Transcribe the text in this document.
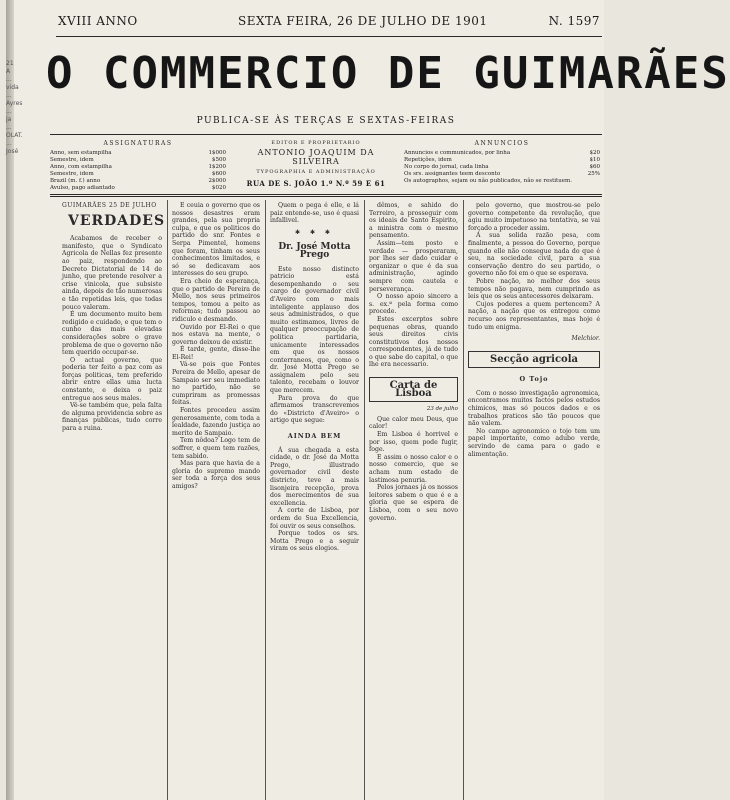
21 A ... vida ... Ayres ... ja ... OLAT. ... José
XVIII ANNO	SEXTA FEIRA, 26 DE JULHO DE 1901	N. 1597
O COMMERCIO DE GUIMARÃES
PUBLICA-SE ÀS TERÇAS E SEXTAS-FEIRAS
ASSIGNATURAS
Anno, sem estampilha	1$000
Semestre, idem	$500
Anno, com estampilha	1$200
Semestre, idem	$600
Brazil (m. f.) anno	2$000
Avulso, pago adiantado	$020
EDITOR E PROPRIETARIO
ANTONIO JOAQUIM DA SILVEIRA
TYPOGRAPHIA E ADMINISTRAÇÃO
RUA DE S. JOÃO 1.º N.º 59 E 61
ANNUNCIOS
Annuncios e communicados, por linha	$20
Repetições, idem	$10
No corpo do jornal, cada linha	$60
Os srs. assignantes teem desconto	25%
Os autographos, sejam ou não publicados, não se restituem.
GUIMARÃES 25 DE JULHO
VERDADES

Acabamos de receber o manifesto, que o Syndicato Agricola de Nellas fez presente ao paiz, respondendo ao Decreto Dictatorial de 14 de junho, que pretende resolver a crise vinicola, que subsiste ainda, depois de tão numerosas e tão repetidas leis, que todas pouco valeram.

É um documento muito bem redigido e cuidado, e que tem o cunho das mais elevadas considerações sobre o grave problema de que o governo não tem querido occupar-se.

O actual governo, que poderia ter feito a paz com as forças politicas, tem preferido abrir entre ellas uma lucta constante, e deixa o paiz entregue aos seus males.

Vê-se também que, pela falta de alguma providencia sobre as finanças publicas, tudo corre para a ruina.

E ceuia o governo que os nossos desastres eram grandes, pela sua propria culpa, e que os politicos do partido do snr. Fontes e Serpa Pimentel, homens que foram, tinham os seus conhecimentos limitados, e só se dedicavam aos interesses do seu grupo.

Era cheio de esperança, que o partido de Pereira de Mello, nos seus primeiros tempos, tomou a peito as reformas; tudo passou ao ridiculo e desmando.

Ouvido por El-Rei o que nos estava na mente, o governo deixou de existir.

É tarde, gente, disse-lhe El-Rei!

Vá-se pois que Fontes Pereira de Mello, apesar de Sampaio ser seu immediato no partido, não se cumpriram as promessas feitas.

Fontes procedeu assim generosamente, com toda a lealdade, fazendo justiça ao merito de Sampaio.

Tem nôdoa? Logo tem de soffrer, e quem tem razões, tem sabido.

Mas para que havia de a gloria do supremo mando ser toda a força dos seus amigos?

Quem o pega é elle, e lá paiz entende-se, uso é quasi infallivel.

✱ ✱ ✱
Dr. José Motta Prego

Este nosso distincto patricio está desempenhando o seu cargo de governador civil d'Aveiro com o mais inteligente applauso dos seus administrados, o que muito estimamos, livres de qualquer preoccupação de politica partidaria, unicamente interessados em que os nossos conterraneos, que, como o dr. José Motta Prego se assignalem pelo seu talento, recebam o louvor que merecem.

Para prova do que afirmamos transcrevemos do «Districto d'Aveiro» o artigo que segue:

AINDA BEM

Á sua chegada a esta cidade, o dr. José da Motta Prego, illustrado governador civil deste districto, teve a mais lisonjeira recepção, prova dos merecimentos de sua excellencia.

A corte de Lisboa, por ordem de Sua Excellencia, foi ouvir os seus conselhos.

Porque todos os srs. Motta Prego e a seguir viram os seus elogios.

dêmos, e sahido do Terreiro, a prosseguir com os ideais de Santo Espirito, a ministra com o mesmo pensamento.

Assim—tem posto e verdade — prosperaram, por lhes ser dado cuidar e organizar o que é da sua administração, agindo sempre com cautela e perseverança.

O nosso apoio sincero a s. ex.ª pela forma como procede.

Estes excerptos sobre pequenas obras, quando seus direitos civis constitutivos dos nossos correspondentes, já de tudo o que sabe do capital, o que lhe era necessario.

Carta de Lisboa
23 de julho

Que calor meu Deus, que calor!

Em Lisboa é horrivel e por isso, quem pode fugir, foge.

E assim o nosso calor e o nosso comercio, que se acham num estado de lastimosa penuria.

Pelos jornaes já os nossos leitores sabem o que é e a gloria que se espera de Lisboa, com o seu novo governo.

pelo governo, que mostrou-se pelo governo competente da revolução, que agiu muito impetuoso na tentativa, se vai forçado a proceder assim.

A sua solida razão pesa, com finalmente, a pessoa do Governo, porque quando elle não consegue nada do que é seu, na sociedade civil, para a sua conservação dentro do seu partido, o governo não foi em o que se esperava.

Pobre nação, no melhor dos seus tempos não pagava, nem cumprindo as leis que os seus antecessores deixaram.

Cujos poderes a quem pertencem? A nação, a nação que os entregou como recurso aos representantes, mas hoje é tudo um enigma.

Melchior.
Secção agricola
O Tojo

Com o nosso investigação agronomica, encontramos muitos factos pelos estudos chimicos, mas só poucos dados e os trabalhos praticos são tão poucos que não valem.

No campo agronomico o tojo tem um papel importante, como adubo verde, servindo de cama para o gado e alimentação.
